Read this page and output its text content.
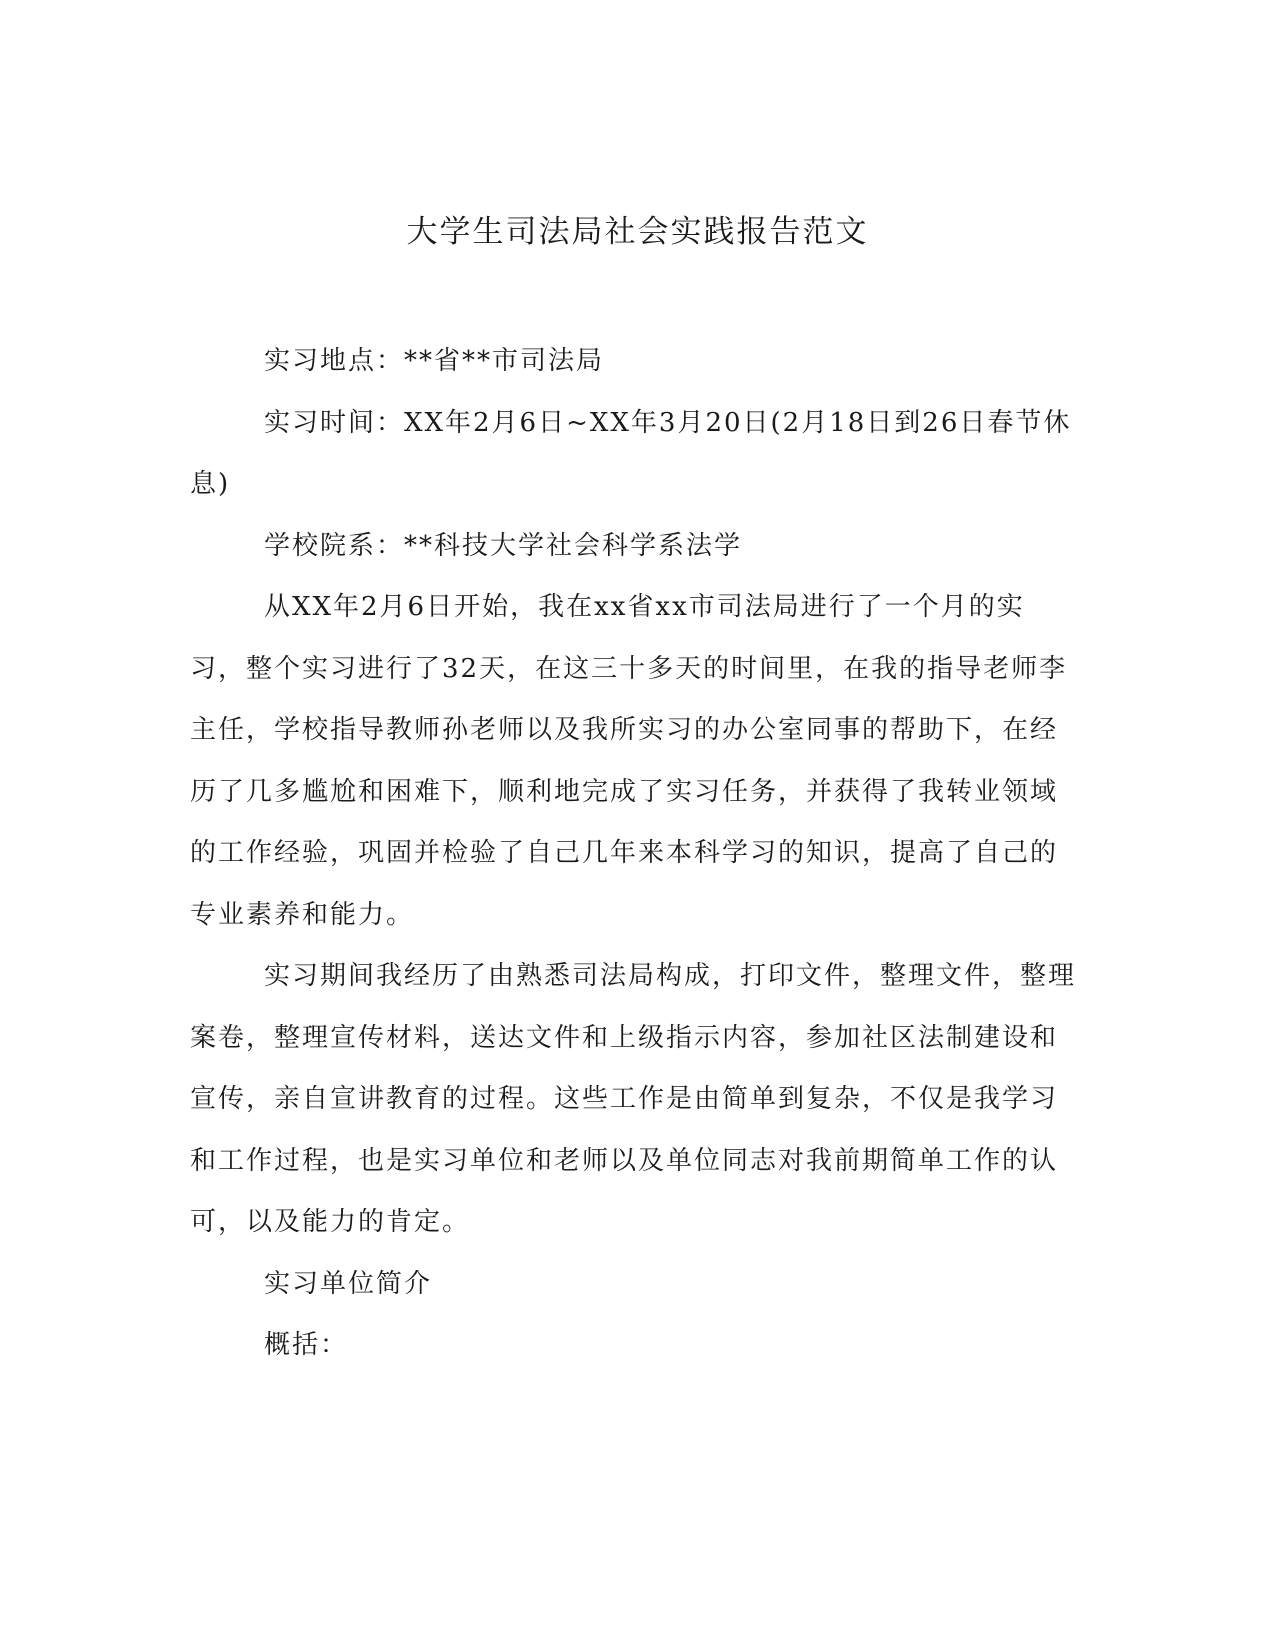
大学生司法局社会实践报告范文

实习地点：**省**市司法局

实习时间：XX年2月6日~XX年3月20日(2月18日到26日春节休息)

学校院系：**科技大学社会科学系法学

从XX年2月6日开始，我在xx省xx市司法局进行了一个月的实习，整个实习进行了32天，在这三十多天的时间里，在我的指导老师李主任，学校指导教师孙老师以及我所实习的办公室同事的帮助下，在经历了几多尴尬和困难下，顺利地完成了实习任务，并获得了我转业领域的工作经验，巩固并检验了自己几年来本科学习的知识，提高了自己的专业素养和能力。

实习期间我经历了由熟悉司法局构成，打印文件，整理文件，整理案卷，整理宣传材料，送达文件和上级指示内容，参加社区法制建设和宣传，亲自宣讲教育的过程。这些工作是由简单到复杂，不仅是我学习和工作过程，也是实习单位和老师以及单位同志对我前期简单工作的认可，以及能力的肯定。

实习单位简介

概括：
